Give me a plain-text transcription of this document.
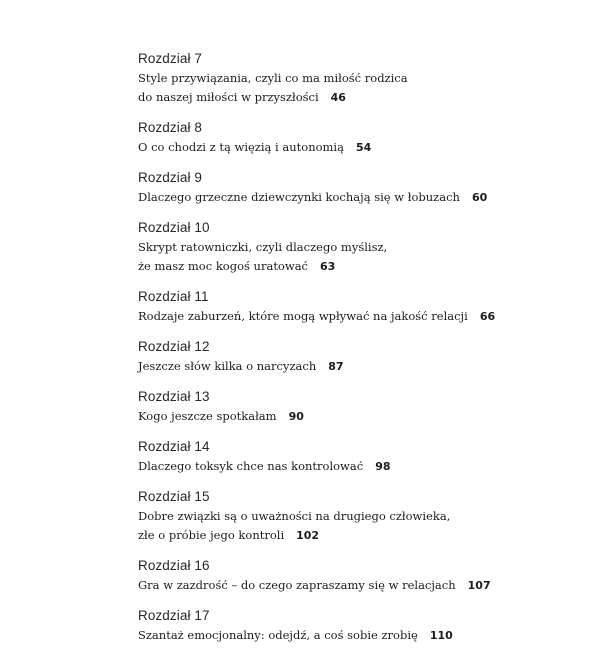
Rozdział 7
Style przywiązania, czyli co ma miłość rodzica
do naszej miłości w przyszłości 46
Rozdział 8
O co chodzi z tą więzią i autonomią 54
Rozdział 9
Dlaczego grzeczne dziewczynki kochają się w łobuzach 60
Rozdział 10
Skrypt ratowniczki, czyli dlaczego myślisz,
że masz moc kogoś uratować 63
Rozdział 11
Rodzaje zaburzeń, które mogą wpływać na jakość relacji 66
Rozdział 12
Jeszcze słów kilka o narcyzach 87
Rozdział 13
Kogo jeszcze spotkałam 90
Rozdział 14
Dlaczego toksyk chce nas kontrolować 98
Rozdział 15
Dobre związki są o uważności na drugiego człowieka,
złe o próbie jego kontroli 102
Rozdział 16
Gra w zazdrość – do czego zapraszamy się w relacjach 107
Rozdział 17
Szantaż emocjonalny: odejdź, a coś sobie zrobię 110
